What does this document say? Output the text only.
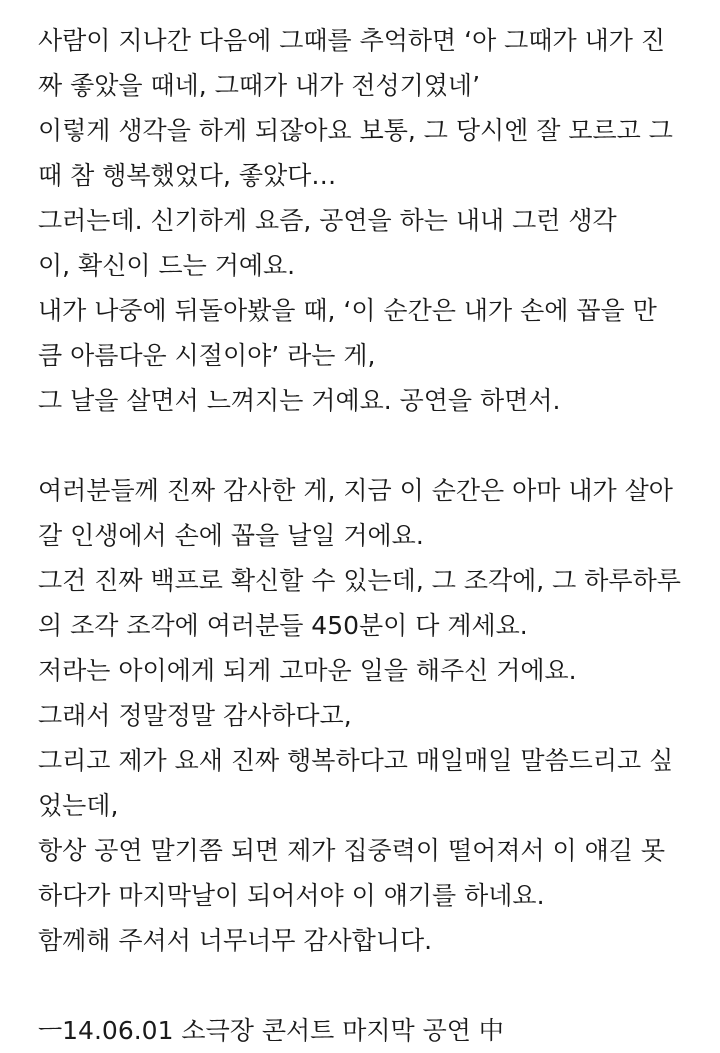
사람이 지나간 다음에 그때를 추억하면 ‘아 그때가 내가 진
짜 좋았을 때네, 그때가 내가 전성기였네’
이렇게 생각을 하게 되잖아요 보통, 그 당시엔 잘 모르고 그
때 참 행복했었다, 좋았다…
그러는데. 신기하게 요즘, 공연을 하는 내내 그런 생각
이, 확신이 드는 거예요.
내가 나중에 뒤돌아봤을 때, ‘이 순간은 내가 손에 꼽을 만
큼 아름다운 시절이야’ 라는 게,
그 날을 살면서 느껴지는 거예요. 공연을 하면서.
여러분들께 진짜 감사한 게, 지금 이 순간은 아마 내가 살아
갈 인생에서 손에 꼽을 날일 거에요.
그건 진짜 백프로 확신할 수 있는데, 그 조각에, 그 하루하루
의 조각 조각에 여러분들 450분이 다 계세요.
저라는 아이에게 되게 고마운 일을 해주신 거에요.
그래서 정말정말 감사하다고,
그리고 제가 요새 진짜 행복하다고 매일매일 말씀드리고 싶
었는데,
항상 공연 말기쯤 되면 제가 집중력이 떨어져서 이 얘길 못
하다가 마지막날이 되어서야 이 얘기를 하네요.
함께해 주셔서 너무너무 감사합니다.
ㅡ14.06.01 소극장 콘서트 마지막 공연 中
